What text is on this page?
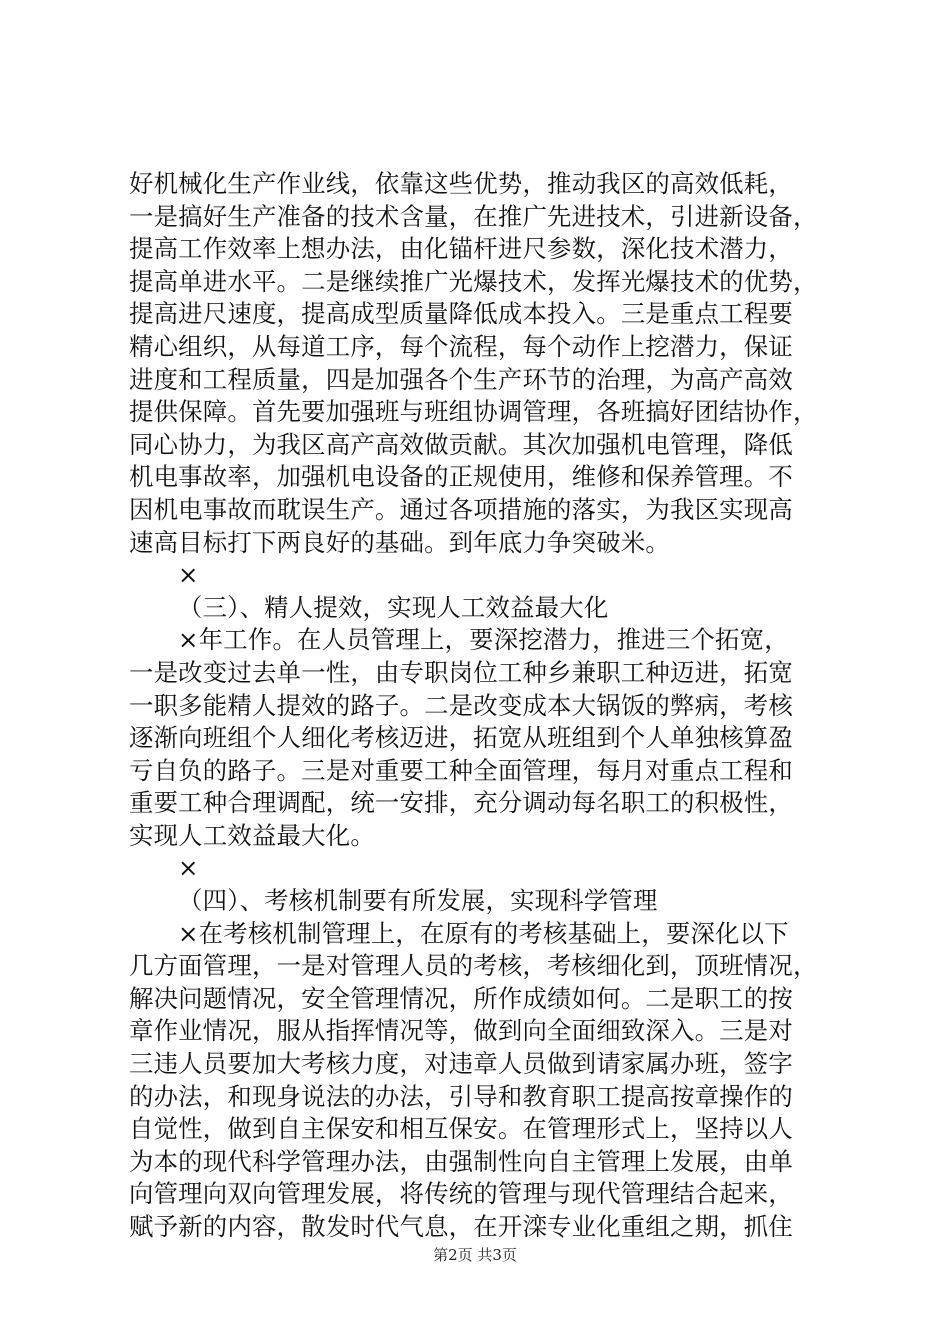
好机械化生产作业线，依靠这些优势，推动我区的高效低耗，
一是搞好生产准备的技术含量，在推广先进技术，引进新设备，
提高工作效率上想办法，由化锚杆进尺参数，深化技术潜力，
提高单进水平。二是继续推广光爆技术，发挥光爆技术的优势，
提高进尺速度，提高成型质量降低成本投入。三是重点工程要
精心组织，从每道工序，每个流程，每个动作上挖潜力，保证
进度和工程质量，四是加强各个生产环节的治理，为高产高效
提供保障。首先要加强班与班组协调管理，各班搞好团结协作，
同心协力，为我区高产高效做贡献。其次加强机电管理，降低
机电事故率，加强机电设备的正规使用，维修和保养管理。不
因机电事故而耽误生产。通过各项措施的落实，为我区实现高
速高目标打下两良好的基础。到年底力争突破米。
×
（三）、精人提效，实现人工效益最大化
×年工作。在人员管理上，要深挖潜力，推进三个拓宽，
一是改变过去单一性，由专职岗位工种乡兼职工种迈进，拓宽
一职多能精人提效的路子。二是改变成本大锅饭的弊病，考核
逐渐向班组个人细化考核迈进，拓宽从班组到个人单独核算盈
亏自负的路子。三是对重要工种全面管理，每月对重点工程和
重要工种合理调配，统一安排，充分调动每名职工的积极性，
实现人工效益最大化。
×
（四）、考核机制要有所发展，实现科学管理
×在考核机制管理上，在原有的考核基础上，要深化以下
几方面管理，一是对管理人员的考核，考核细化到，顶班情况，
解决问题情况，安全管理情况，所作成绩如何。二是职工的按
章作业情况，服从指挥情况等，做到向全面细致深入。三是对
三违人员要加大考核力度，对违章人员做到请家属办班，签字
的办法，和现身说法的办法，引导和教育职工提高按章操作的
自觉性，做到自主保安和相互保安。在管理形式上，坚持以人
为本的现代科学管理办法，由强制性向自主管理上发展，由单
向管理向双向管理发展，将传统的管理与现代管理结合起来，
赋予新的内容，散发时代气息，在开滦专业化重组之期，抓住
第2页 共3页
